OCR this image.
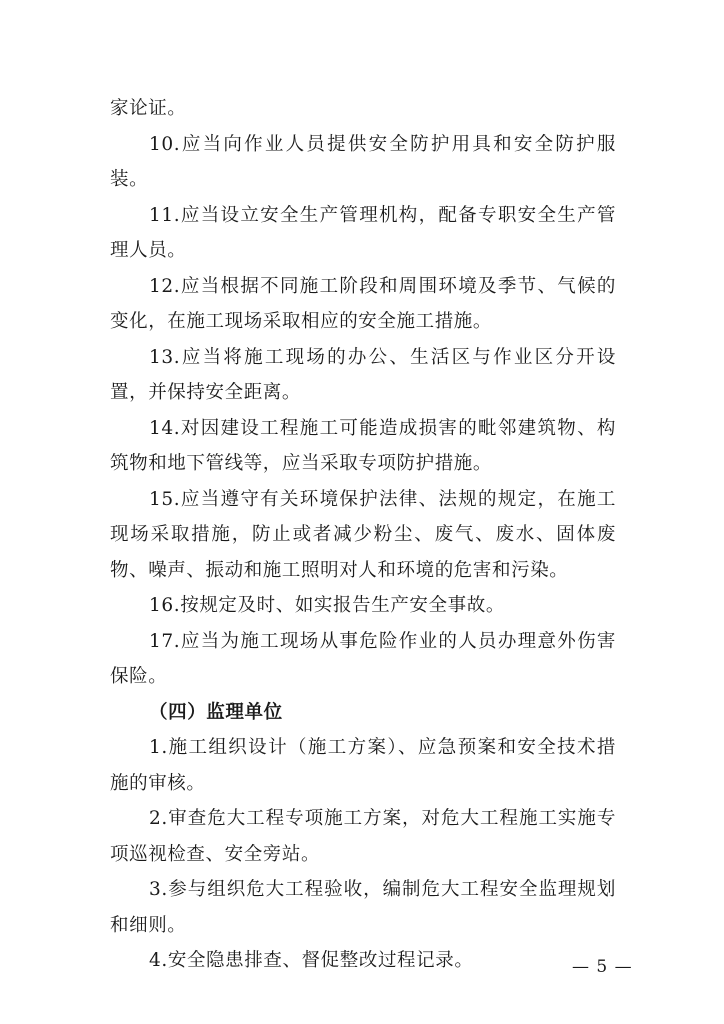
家论证。

10.应当向作业人员提供安全防护用具和安全防护服装。

11.应当设立安全生产管理机构，配备专职安全生产管理人员。

12.应当根据不同施工阶段和周围环境及季节、气候的变化，在施工现场采取相应的安全施工措施。

13.应当将施工现场的办公、生活区与作业区分开设置，并保持安全距离。

14.对因建设工程施工可能造成损害的毗邻建筑物、构筑物和地下管线等，应当采取专项防护措施。

15.应当遵守有关环境保护法律、法规的规定，在施工现场采取措施，防止或者减少粉尘、废气、废水、固体废物、噪声、振动和施工照明对人和环境的危害和污染。

16.按规定及时、如实报告生产安全事故。

17.应当为施工现场从事危险作业的人员办理意外伤害保险。

（四）监理单位

1.施工组织设计（施工方案）、应急预案和安全技术措施的审核。

2.审查危大工程专项施工方案，对危大工程施工实施专项巡视检查、安全旁站。

3.参与组织危大工程验收，编制危大工程安全监理规划和细则。

4.安全隐患排查、督促整改过程记录。	— 5 —
